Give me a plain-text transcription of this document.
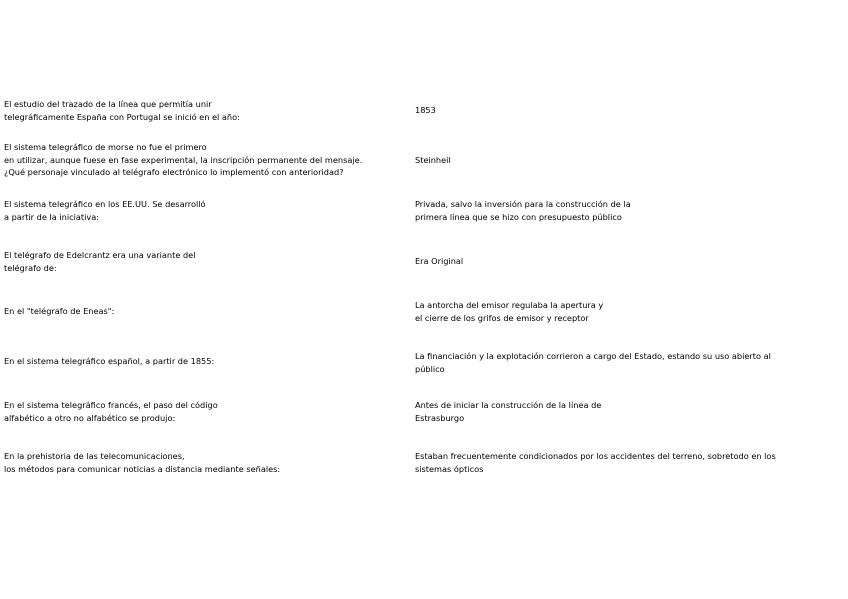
El estudio del trazado de la línea que permitía unir
telegráficamente España con Portugal se inició en el año:
1853
El sistema telegráfico de morse no fue el primero
en utilizar, aunque fuese en fase experimental, la inscripción permanente del mensaje.
¿Qué personaje vinculado al telégrafo electrónico lo implementó con anterioridad?
Steinheil
El sistema telegráfico en los EE.UU. Se desarrolló
a partir de la iniciativa:
Privada, salvo la inversión para la construcción de la
primera línea que se hizo con presupuesto público
El telégrafo de Edelcrantz era una variante del
telégrafo de:
Era Original
En el "telégrafo de Eneas":
La antorcha del emisor regulaba la apertura y
el cierre de los grifos de emisor y receptor
En el sistema telegráfico español, a partir de 1855:	La financiación y la explotación corrieron a cargo del Estado, estando su uso abierto al
público
En el sistema telegráfico francés, el paso del código
alfabético a otro no alfabético se produjo:
Antes de iniciar la construcción de la línea de
Estrasburgo
En la prehistoria de las telecomunicaciones,
los métodos para comunicar noticias a distancia mediante señales:
Estaban frecuentemente condicionados por los accidentes del terreno, sobretodo en los
sistemas ópticos
